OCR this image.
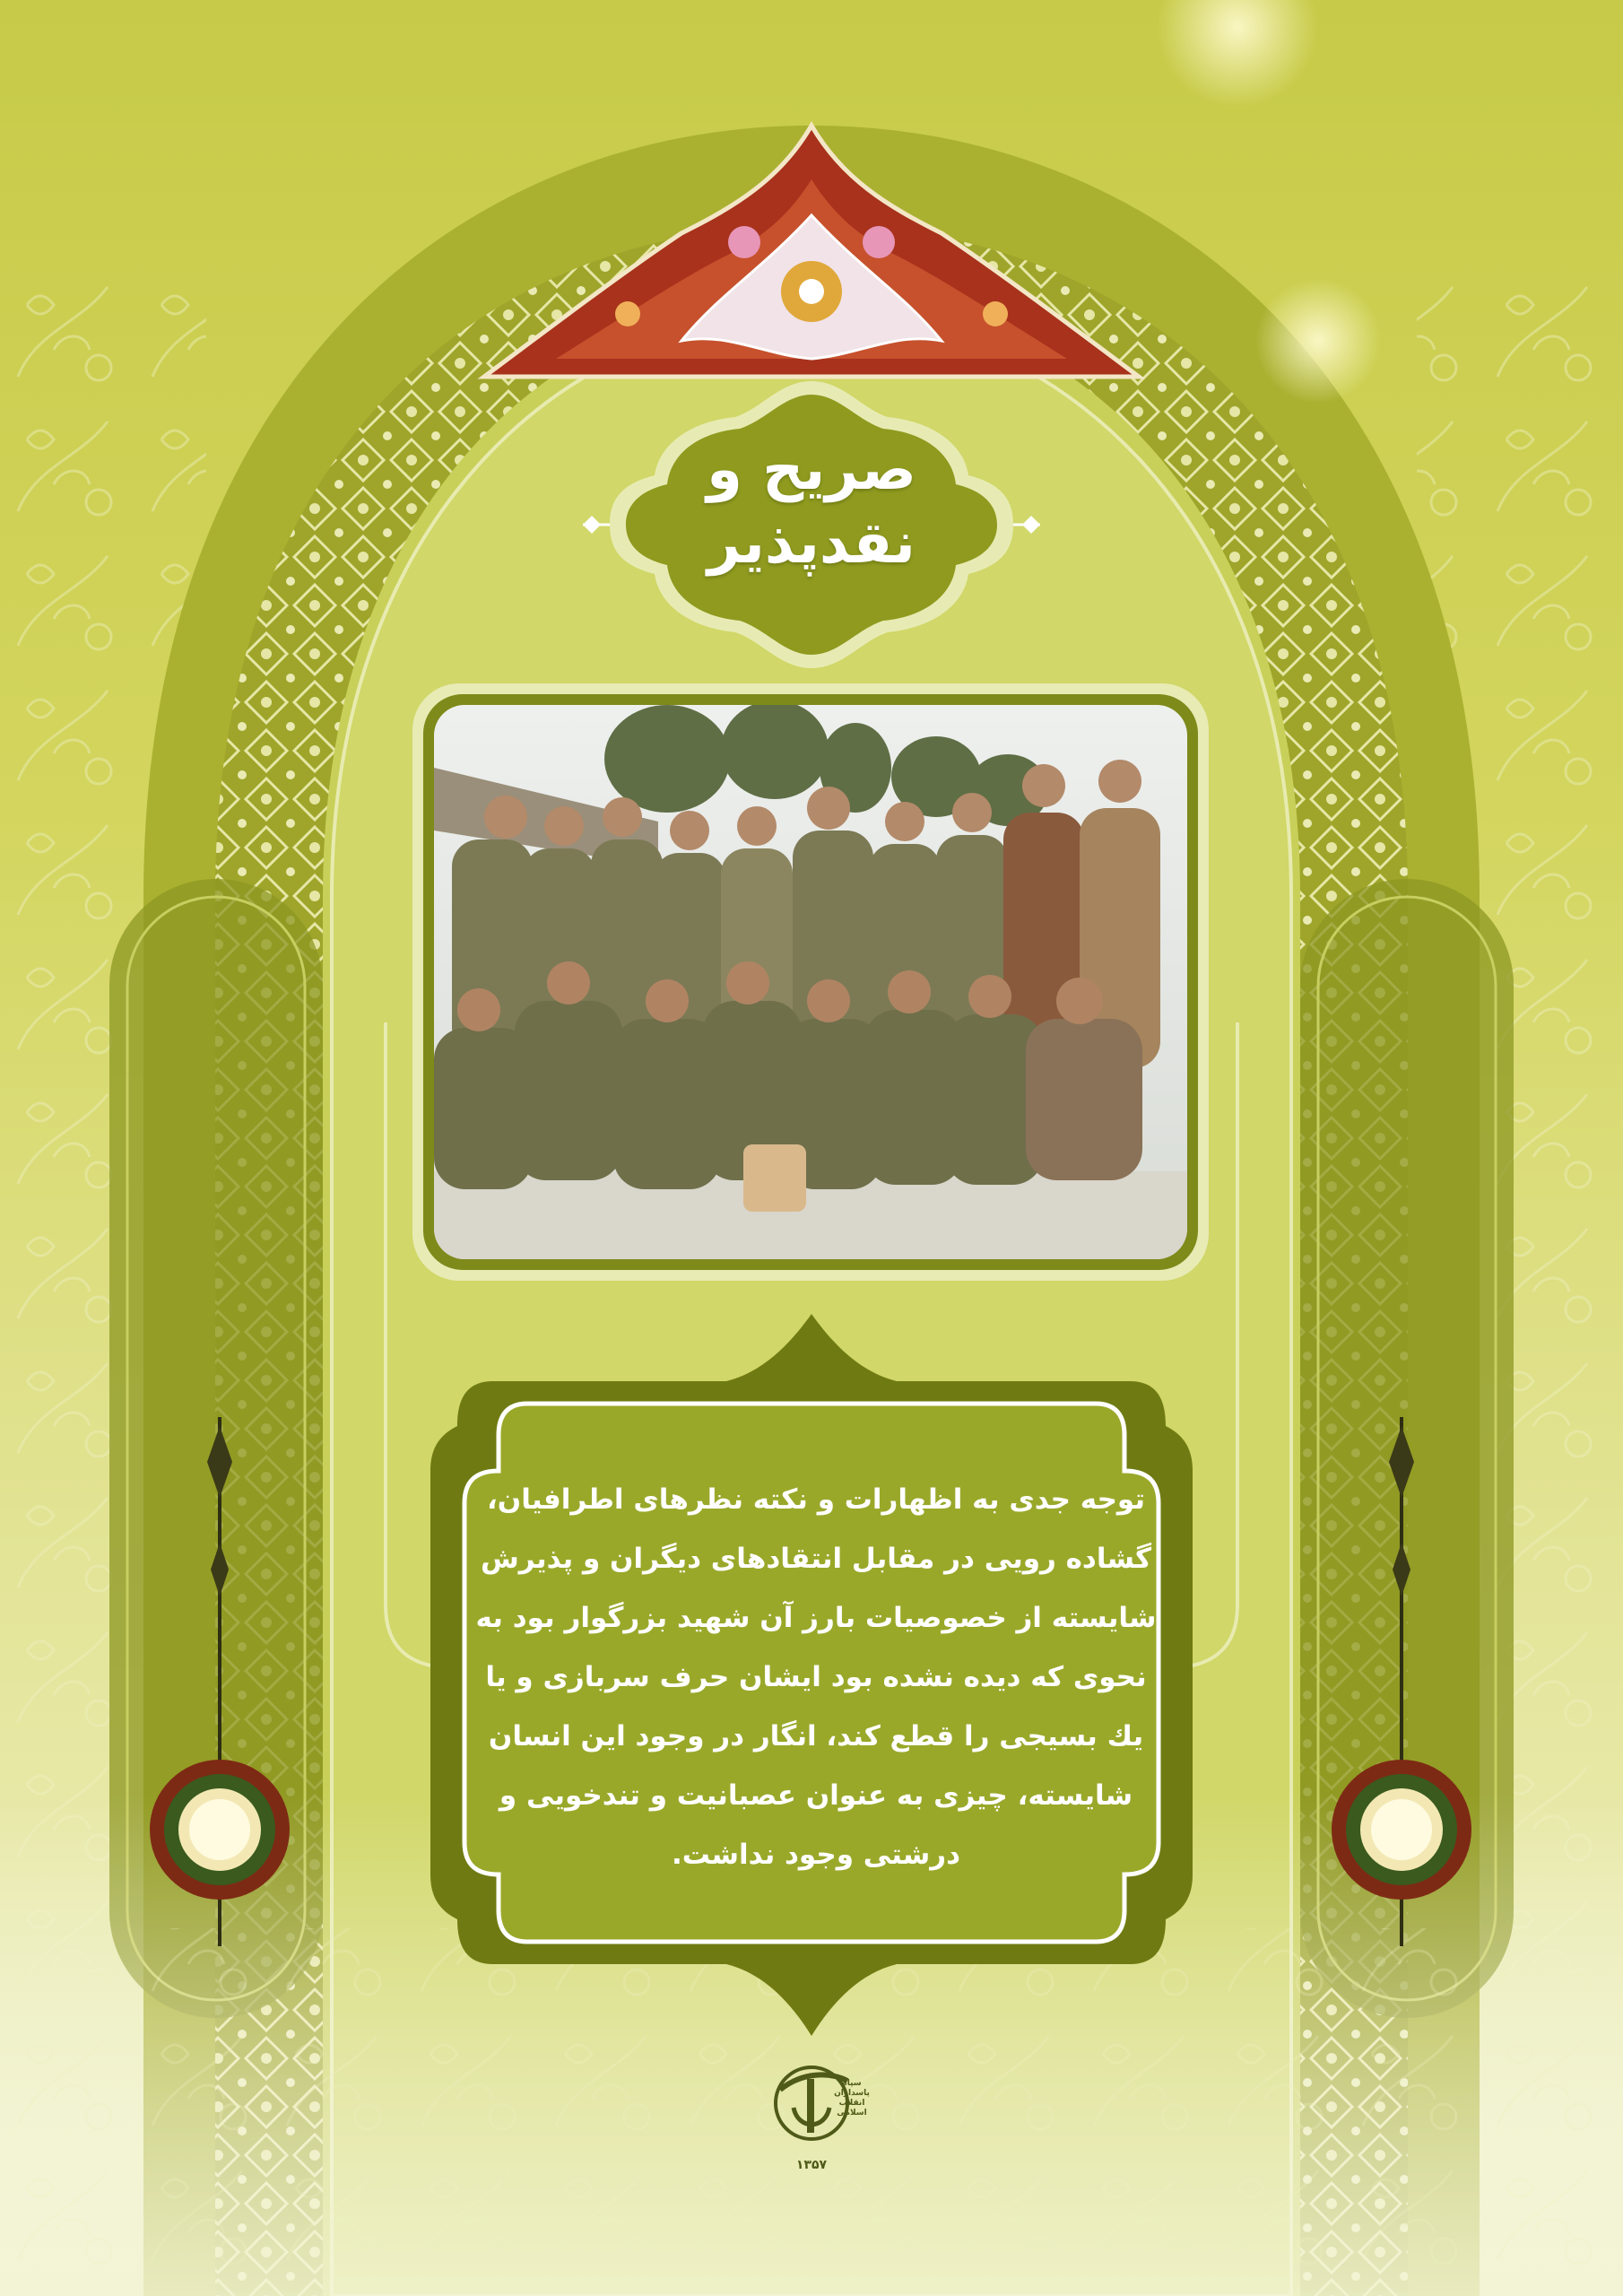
صریح و
نقدپذیر

توجه جدی به اظهارات و نکته نظرهای اطرافیان، گشاده رویی در مقابل انتقادهای دیگران و پذیرش شایسته از خصوصیات بارز آن شهید بزرگوار بود به نحوی که دیده نشده بود ایشان حرف سربازی و یا یك بسیجی را قطع کند، انگار در وجود این انسان شایسته، چیزی به عنوان عصبانیت و تندخویی و درشتی وجود نداشت.

سپاه
پاسداران
انقلاب
اسلامی
۱۳۵۷
